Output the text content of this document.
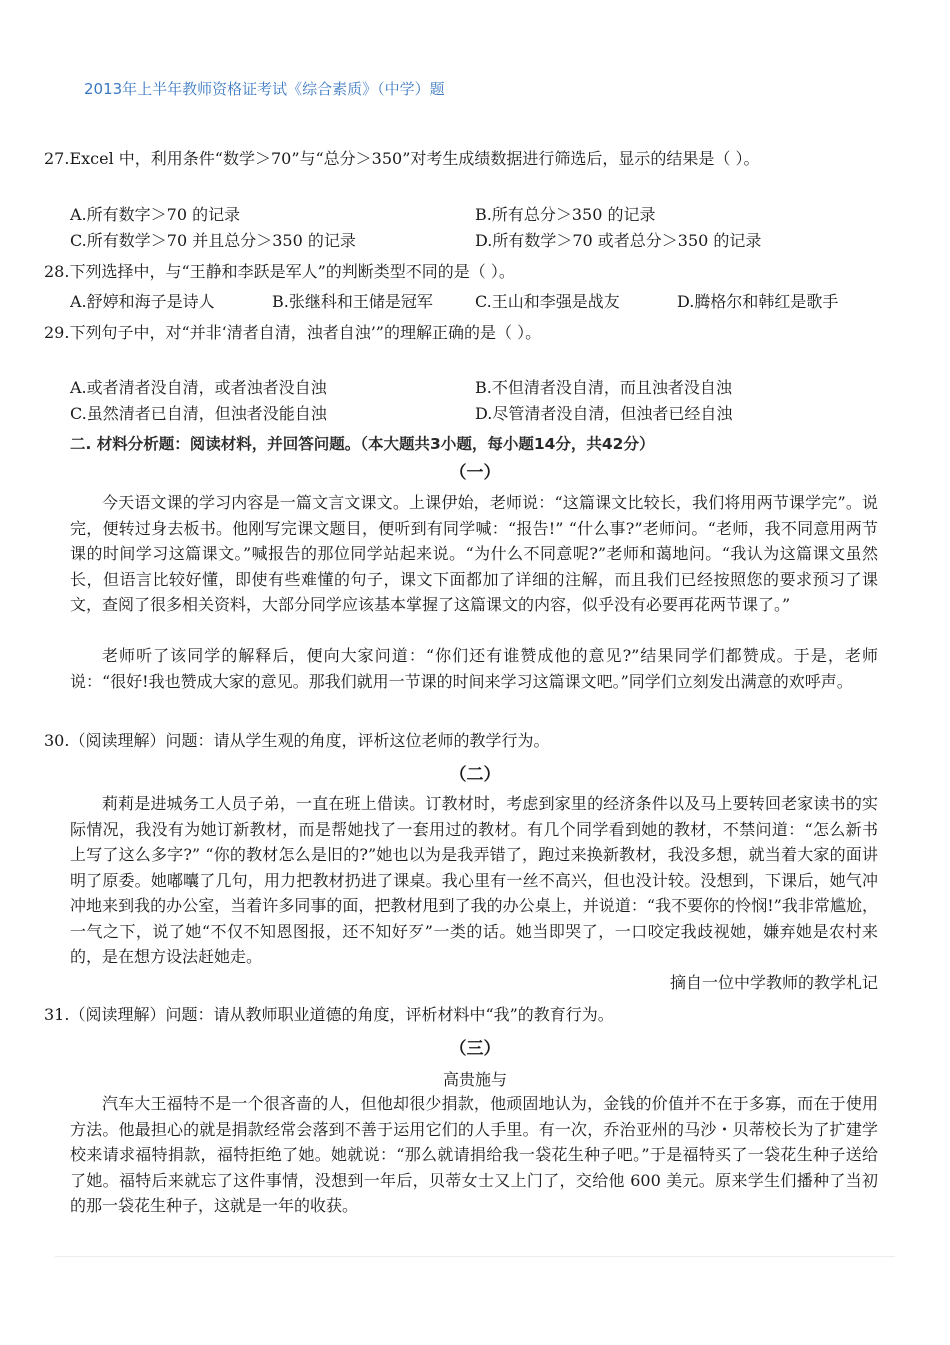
2013年上半年教师资格证考试《综合素质》（中学）题
27.Excel 中，利用条件“数学＞70”与“总分＞350”对考生成绩数据进行筛选后，显示的结果是（ ）。
A.所有数字＞70 的记录	B.所有总分＞350 的记录
C.所有数学＞70 并且总分＞350 的记录	D.所有数学＞70 或者总分＞350 的记录
28.下列选择中，与“王静和李跃是军人”的判断类型不同的是（ ）。
A.舒婷和海子是诗人	B.张继科和王储是冠军	C.王山和李强是战友	D.腾格尔和韩红是歌手
29.下列句子中，对“并非‘清者自清，浊者自浊’”的理解正确的是（ ）。
A.或者清者没自清，或者浊者没自浊	B.不但清者没自清，而且浊者没自浊
C.虽然清者已自清，但浊者没能自浊	D.尽管清者没自清，但浊者已经自浊
二. 材料分析题：阅读材料，并回答问题。（本大题共3小题，每小题14分，共42分）
（一）

今天语文课的学习内容是一篇文言文课文。上课伊始，老师说：“这篇课文比较长，我们将用两节课学完”。说完，便转过身去板书。他刚写完课文题目，便听到有同学喊：“报告!” “什么事?”老师问。“老师，我不同意用两节课的时间学习这篇课文。”喊报告的那位同学站起来说。“为什么不同意呢?”老师和蔼地问。“我认为这篇课文虽然长，但语言比较好懂，即使有些难懂的句子，课文下面都加了详细的注解，而且我们已经按照您的要求预习了课文，查阅了很多相关资料，大部分同学应该基本掌握了这篇课文的内容，似乎没有必要再花两节课了。”

老师听了该同学的解释后，便向大家问道：“你们还有谁赞成他的意见?”结果同学们都赞成。于是，老师说：“很好!我也赞成大家的意见。那我们就用一节课的时间来学习这篇课文吧。”同学们立刻发出满意的欢呼声。

30.（阅读理解）问题：请从学生观的角度，评析这位老师的教学行为。
（二）

莉莉是进城务工人员子弟，一直在班上借读。订教材时，考虑到家里的经济条件以及马上要转回老家读书的实际情况，我没有为她订新教材，而是帮她找了一套用过的教材。有几个同学看到她的教材，不禁问道：“怎么新书上写了这么多字?” “你的教材怎么是旧的?”她也以为是我弄错了，跑过来换新教材，我没多想，就当着大家的面讲明了原委。她嘟囔了几句，用力把教材扔进了课桌。我心里有一丝不高兴，但也没计较。没想到，下课后，她气冲冲地来到我的办公室，当着许多同事的面，把教材甩到了我的办公桌上，并说道：“我不要你的怜悯!”我非常尴尬，一气之下，说了她“不仅不知恩图报，还不知好歹”一类的话。她当即哭了，一口咬定我歧视她，嫌弃她是农村来的，是在想方设法赶她走。

摘自一位中学教师的教学札记
31.（阅读理解）问题：请从教师职业道德的角度，评析材料中“我”的教育行为。
（三）
高贵施与

汽车大王福特不是一个很吝啬的人，但他却很少捐款，他顽固地认为，金钱的价值并不在于多寡，而在于使用方法。他最担心的就是捐款经常会落到不善于运用它们的人手里。有一次，乔治亚州的马沙・贝蒂校长为了扩建学校来请求福特捐款，福特拒绝了她。她就说：“那么就请捐给我一袋花生种子吧。”于是福特买了一袋花生种子送给了她。福特后来就忘了这件事情，没想到一年后，贝蒂女士又上门了，交给他 600 美元。原来学生们播种了当初的那一袋花生种子，这就是一年的收获。
